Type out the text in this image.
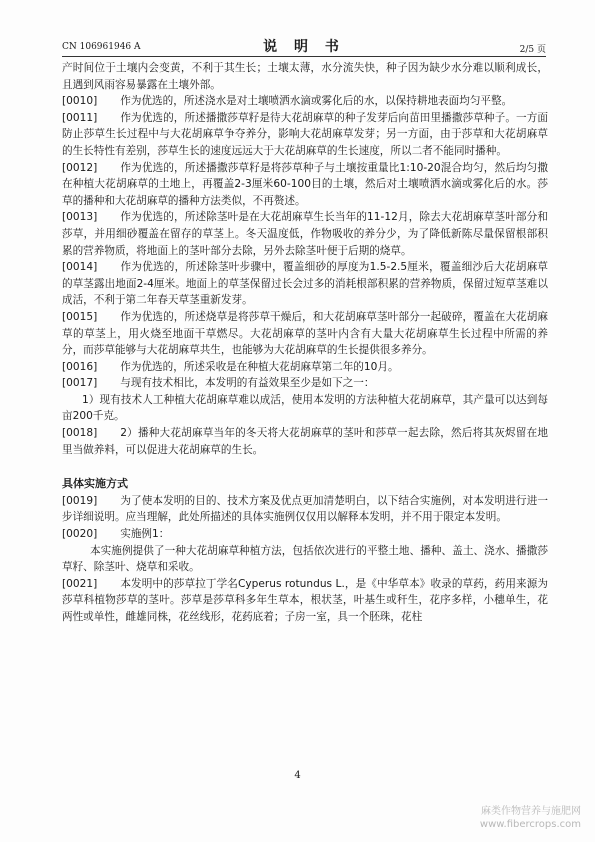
CN 106961946 A	说 明 书	2/5 页

产时间位于土壤内会变黄，不利于其生长；土壤太薄，水分流失快，种子因为缺少水分难以顺利成长，且遇到风雨容易暴露在土壤外部。

[0010] 作为优选的，所述浇水是对土壤喷洒水滴或雾化后的水，以保持耕地表面均匀平整。

[0011] 作为优选的，所述播撒莎草籽是待大花胡麻草的种子发芽后向苗田里播撒莎草种子。一方面防止莎草生长过程中与大花胡麻草争夺养分，影响大花胡麻草发芽；另一方面，由于莎草和大花胡麻草的生长特性有差别，莎草生长的速度远远大于大花胡麻草的生长速度，所以二者不能同时播种。

[0012] 作为优选的，所述播撒莎草籽是将莎草种子与土壤按重量比1:10-20混合均匀，然后均匀撒在种植大花胡麻草的土地上，再覆盖2-3厘米60-100目的土壤，然后对土壤喷洒水滴或雾化后的水。莎草的播种和大花胡麻草的播种方法类似，不再赘述。

[0013] 作为优选的，所述除茎叶是在大花胡麻草生长当年的11-12月，除去大花胡麻草茎叶部分和莎草，并用细砂覆盖在留存的草茎上。冬天温度低，作物吸收的养分少，为了降低新陈尽量保留根部积累的营养物质，将地面上的茎叶部分去除，另外去除茎叶便于后期的烧草。

[0014] 作为优选的，所述除茎叶步骤中，覆盖细砂的厚度为1.5-2.5厘米，覆盖细沙后大花胡麻草的草茎露出地面2-4厘米。地面上的草茎保留过长会过多的消耗根部积累的营养物质，保留过短草茎难以成活，不利于第二年春天草茎重新发芽。

[0015] 作为优选的，所述烧草是将莎草干燥后，和大花胡麻草茎叶部分一起破碎，覆盖在大花胡麻草的草茎上，用火烧至地面干草燃尽。大花胡麻草的茎叶内含有大量大花胡麻草生长过程中所需的养分，而莎草能够与大花胡麻草共生，也能够为大花胡麻草的生长提供很多养分。

[0016] 作为优选的，所述采收是在种植大花胡麻草第二年的10月。

[0017] 与现有技术相比，本发明的有益效果至少是如下之一：

1）现有技术人工种植大花胡麻草难以成活，使用本发明的方法种植大花胡麻草，其产量可以达到每亩200千克。

[0018] 2）播种大花胡麻草当年的冬天将大花胡麻草的茎叶和莎草一起去除，然后将其灰烬留在地里当做养料，可以促进大花胡麻草的生长。

具体实施方式

[0019] 为了使本发明的目的、技术方案及优点更加清楚明白，以下结合实施例，对本发明进行进一步详细说明。应当理解，此处所描述的具体实施例仅仅用以解释本发明，并不用于限定本发明。

[0020] 实施例1：

本实施例提供了一种大花胡麻草种植方法，包括依次进行的平整土地、播种、盖土、浇水、播撒莎草籽、除茎叶、烧草和采收。

[0021] 本发明中的莎草拉丁学名Cyperus rotundus L.，是《中华草本》收录的草药，药用来源为莎草科植物莎草的茎叶。莎草是莎草科多年生草本，根状茎，叶基生或秆生，花序多样，小穗单生，花两性或单性，雌雄同株，花丝线形，花药底着；子房一室，具一个胚珠，花柱

4
麻类作物营养与施肥网
www.fibercrops.com
